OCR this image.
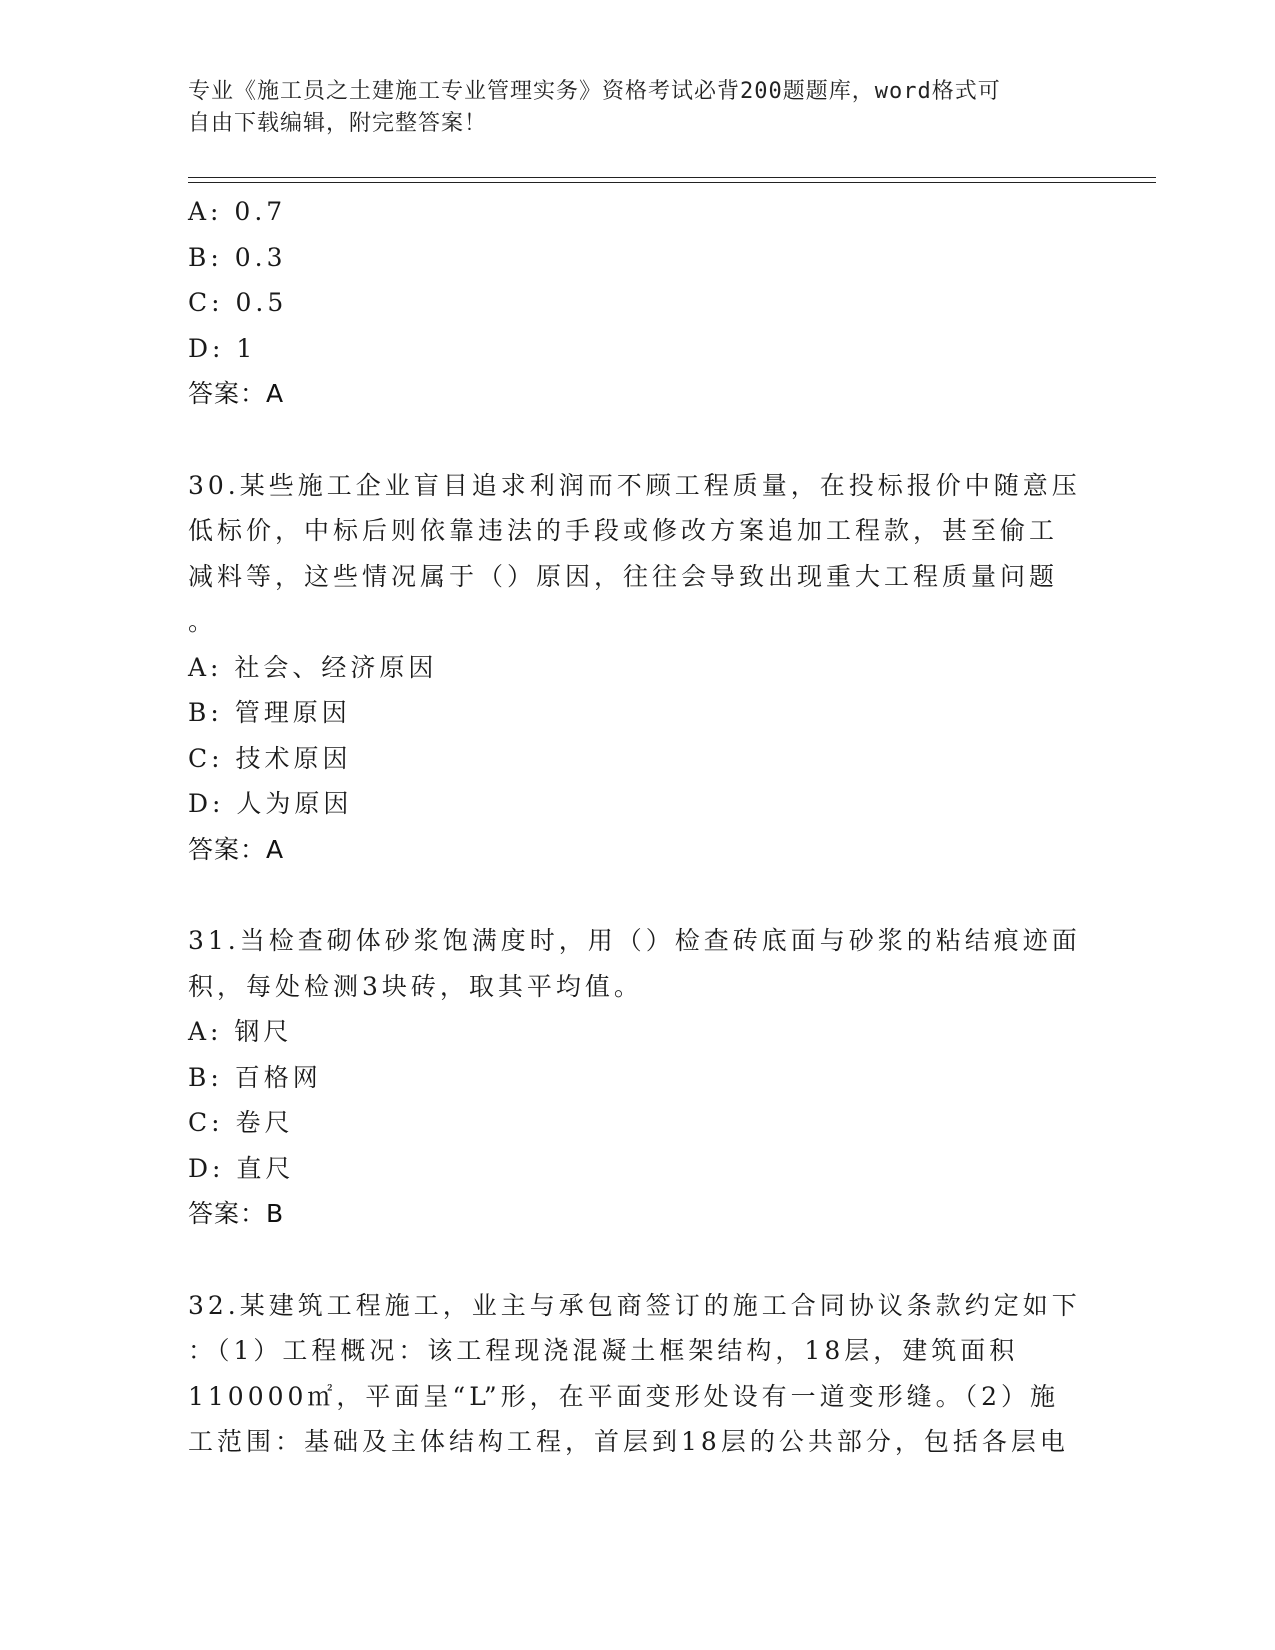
专业《施工员之土建施工专业管理实务》资格考试必背200题题库，word格式可
自由下载编辑，附完整答案！
A: 0.7
B: 0.3
C: 0.5
D: 1
答案：A
30.某些施工企业盲目追求利润而不顾工程质量，在投标报价中随意压
低标价，中标后则依靠违法的手段或修改方案追加工程款，甚至偷工
减料等，这些情况属于（）原因，往往会导致出现重大工程质量问题
。
A: 社会、经济原因
B: 管理原因
C: 技术原因
D: 人为原因
答案：A
31.当检查砌体砂浆饱满度时，用（）检查砖底面与砂浆的粘结痕迹面
积，每处检测3块砖，取其平均值。
A: 钢尺
B: 百格网
C: 卷尺
D: 直尺
答案：B
32.某建筑工程施工，业主与承包商签订的施工合同协议条款约定如下
：（1）工程概况：该工程现浇混凝土框架结构，18层，建筑面积
110000㎡，平面呈“L”形，在平面变形处设有一道变形缝。（2）施
工范围：基础及主体结构工程，首层到18层的公共部分，包括各层电
